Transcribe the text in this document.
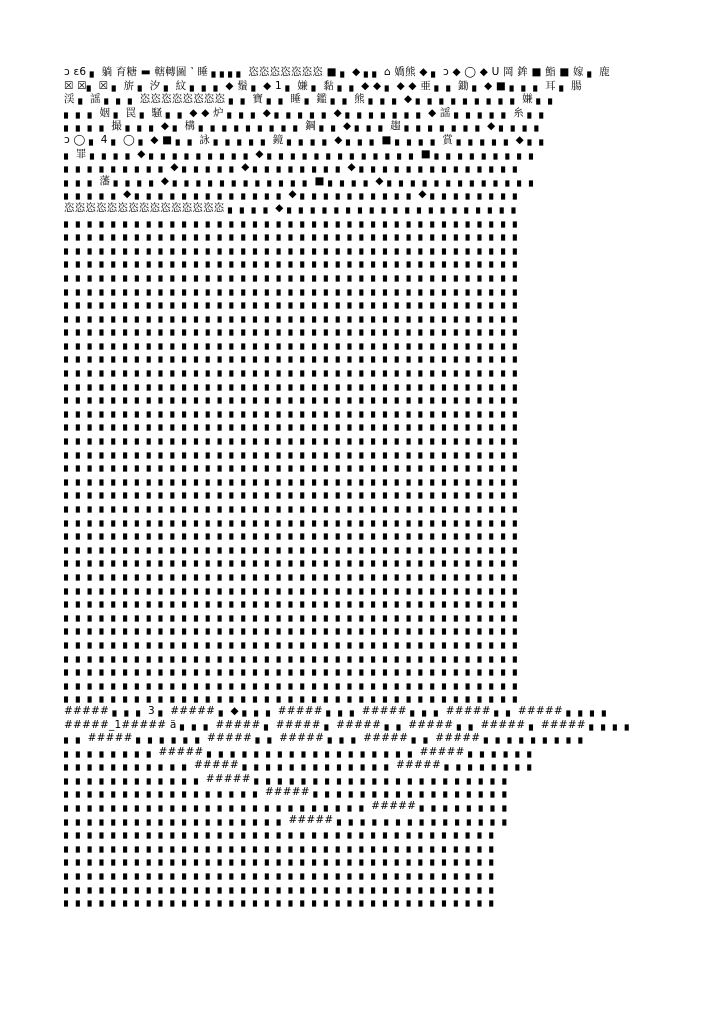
ɔ ɛ6 ▖ 躺 育糖 ▬ 轄轉圖 ˺ 睡 ▖▖▖▖ 恣恣恣恣恣恣恣 ■ ▖ ◆ ▖▖ ⌂ 嬌熊 ◆ ▖ ɔ ◆ ◯ ◆ U 岡 鉾 ■ 鮨 ■ 嫁 ▖ 鹿
☒ ☒▖ ☒ ▖ 旂 ▖ 汐 ▖ 紋 ▖ ▖ ▖ ◆ 鬚 ▖ ◆ 1 ▖ 嫌 ▖ 黏 ▖ ▖ ◆ ◆ ▖ ◆ ◆ 亜 ▖ ▖ 鋤 ▖ ◆ ■ ▖ ▖ ▖ 耳 ▖ 腸
渓 ▖ 謡 ▖ ▖ ▖ 恣恣恣恣恣恣恣恣 ▖ ▖ 寶 ▖ ▖ 睡 ▖ 鑑 ▖ ▖ 熊 ▖ ▖ ▖ ◆ ▖ ▖ ▖ ▖ ▖ ▖ ▖ ▖ ▖ 嫌 ▖ ▖
▖ ▖ ▖ 姻 ▖ 罠 ▖ 騒 ▖ ▖ ◆ ◆ 炉 ▖ ▖ ▖ ◆ ▖ ▖ ▖ ▖ ▖ ◆ ▖ ▖ ▖ ▖ ▖ ▖ ▖ ◆ 謡 ▖ ▖ ▖ ▖ ▖ 糸 ▖ ▖
▖ ▖ ▖ ▖ 撮 ▖ ▖ ▖ ◆ ▖ 構 ▖ ▖ ▖ ▖ ▖ ▖ ▖ ▖ ▖ 鋼 ▖ ▖ ◆ ▖ ▖ ▖ 趨 ▖ ▖ ▖ ▖ ▖ ▖ ▖ ◆ ▖ ▖ ▖ ▖
ɔ ◯ ▖ 4 ▖ ◯ ▖ ◆ ■ ▖ ▖ 詠 ▖ ▖ ▖ ▖ ▖ 鏡 ▖ ▖ ▖ ▖ ◆ ▖ ▖ ▖ ■ ▖ ▖ ▖ ▖ 賞 ▖ ▖ ▖ ▖ ▖ ◆ ▖ ▖
▖ 罪 ▖ ▖ ▖ ▖ ◆ ▖ ▖ ▖ ▖ ▖ ▖ ▖ ▖ ▖ ◆ ▖ ▖ ▖ ▖ ▖ ▖ ▖ ▖ ▖ ▖ ▖ ▖ ▖ ■ ▖ ▖ ▖ ▖ ▖ ▖ ▖ ▖ ▖
▖ ▖ ▖ ▖ ▖ ▖ ▖ ▖ ▖ ◆ ▖ ▖ ▖ ▖ ▖ ◆ ▖ ▖ ▖ ▖ ▖ ▖ ▖ ▖ ◆ ▖ ▖ ▖ ▖ ▖ ▖ ▖ ▖ ▖ ▖ ▖ ▖ ▖ ▖
▖ ▖ ▖ 藩 ▖ ▖ ▖ ▖ ◆ ▖ ▖ ▖ ▖ ▖ ▖ ▖ ▖ ▖ ▖ ▖ ▖ ■ ▖ ▖ ▖ ▖ ◆ ▖ ▖ ▖ ▖ ▖ ▖ ▖ ▖ ▖ ▖ ▖ ▖ ▖
▖ ▖ ▖ ▖ ▖ ◆ ▖ ▖ ▖ ▖ ▖ ▖ ▖ ▖ ▖ ▖ ▖ ▖ ▖ ◆ ▖ ▖ ▖ ▖ ▖ ▖ ▖ ▖ ▖ ▖ ◆ ▖ ▖ ▖ ▖ ▖ ▖ ▖ ▖
恣恣恣恣恣恣恣恣恣恣恣恣恣恣恣 ▖ ▖ ▖ ▖ ◆ ▖ ▖ ▖ ▖ ▖ ▖ ▖ ▖ ▖ ▖ ▖ ▖ ▖ ▖ ▖ ▖ ▖ ▖ ▖ ▖
▖ ▖ ▖ ▖ ▖ ▖ ▖ ▖ ▖ ▖ ▖ ▖ ▖ ▖ ▖ ▖ ▖ ▖ ▖ ▖ ▖ ▖ ▖ ▖ ▖ ▖ ▖ ▖ ▖ ▖ ▖ ▖ ▖ ▖ ▖ ▖ ▖ ▖ ▖
▖ ▖ ▖ ▖ ▖ ▖ ▖ ▖ ▖ ▖ ▖ ▖ ▖ ▖ ▖ ▖ ▖ ▖ ▖ ▖ ▖ ▖ ▖ ▖ ▖ ▖ ▖ ▖ ▖ ▖ ▖ ▖ ▖ ▖ ▖ ▖ ▖ ▖ ▖
▖ ▖ ▖ ▖ ▖ ▖ ▖ ▖ ▖ ▖ ▖ ▖ ▖ ▖ ▖ ▖ ▖ ▖ ▖ ▖ ▖ ▖ ▖ ▖ ▖ ▖ ▖ ▖ ▖ ▖ ▖ ▖ ▖ ▖ ▖ ▖ ▖ ▖ ▖
▖ ▖ ▖ ▖ ▖ ▖ ▖ ▖ ▖ ▖ ▖ ▖ ▖ ▖ ▖ ▖ ▖ ▖ ▖ ▖ ▖ ▖ ▖ ▖ ▖ ▖ ▖ ▖ ▖ ▖ ▖ ▖ ▖ ▖ ▖ ▖ ▖ ▖ ▖
▖ ▖ ▖ ▖ ▖ ▖ ▖ ▖ ▖ ▖ ▖ ▖ ▖ ▖ ▖ ▖ ▖ ▖ ▖ ▖ ▖ ▖ ▖ ▖ ▖ ▖ ▖ ▖ ▖ ▖ ▖ ▖ ▖ ▖ ▖ ▖ ▖ ▖ ▖
▖ ▖ ▖ ▖ ▖ ▖ ▖ ▖ ▖ ▖ ▖ ▖ ▖ ▖ ▖ ▖ ▖ ▖ ▖ ▖ ▖ ▖ ▖ ▖ ▖ ▖ ▖ ▖ ▖ ▖ ▖ ▖ ▖ ▖ ▖ ▖ ▖ ▖ ▖
▖ ▖ ▖ ▖ ▖ ▖ ▖ ▖ ▖ ▖ ▖ ▖ ▖ ▖ ▖ ▖ ▖ ▖ ▖ ▖ ▖ ▖ ▖ ▖ ▖ ▖ ▖ ▖ ▖ ▖ ▖ ▖ ▖ ▖ ▖ ▖ ▖ ▖ ▖
▖ ▖ ▖ ▖ ▖ ▖ ▖ ▖ ▖ ▖ ▖ ▖ ▖ ▖ ▖ ▖ ▖ ▖ ▖ ▖ ▖ ▖ ▖ ▖ ▖ ▖ ▖ ▖ ▖ ▖ ▖ ▖ ▖ ▖ ▖ ▖ ▖ ▖ ▖
▖ ▖ ▖ ▖ ▖ ▖ ▖ ▖ ▖ ▖ ▖ ▖ ▖ ▖ ▖ ▖ ▖ ▖ ▖ ▖ ▖ ▖ ▖ ▖ ▖ ▖ ▖ ▖ ▖ ▖ ▖ ▖ ▖ ▖ ▖ ▖ ▖ ▖ ▖
▖ ▖ ▖ ▖ ▖ ▖ ▖ ▖ ▖ ▖ ▖ ▖ ▖ ▖ ▖ ▖ ▖ ▖ ▖ ▖ ▖ ▖ ▖ ▖ ▖ ▖ ▖ ▖ ▖ ▖ ▖ ▖ ▖ ▖ ▖ ▖ ▖ ▖ ▖
▖ ▖ ▖ ▖ ▖ ▖ ▖ ▖ ▖ ▖ ▖ ▖ ▖ ▖ ▖ ▖ ▖ ▖ ▖ ▖ ▖ ▖ ▖ ▖ ▖ ▖ ▖ ▖ ▖ ▖ ▖ ▖ ▖ ▖ ▖ ▖ ▖ ▖ ▖
▖ ▖ ▖ ▖ ▖ ▖ ▖ ▖ ▖ ▖ ▖ ▖ ▖ ▖ ▖ ▖ ▖ ▖ ▖ ▖ ▖ ▖ ▖ ▖ ▖ ▖ ▖ ▖ ▖ ▖ ▖ ▖ ▖ ▖ ▖ ▖ ▖ ▖ ▖
▖ ▖ ▖ ▖ ▖ ▖ ▖ ▖ ▖ ▖ ▖ ▖ ▖ ▖ ▖ ▖ ▖ ▖ ▖ ▖ ▖ ▖ ▖ ▖ ▖ ▖ ▖ ▖ ▖ ▖ ▖ ▖ ▖ ▖ ▖ ▖ ▖ ▖ ▖
▖ ▖ ▖ ▖ ▖ ▖ ▖ ▖ ▖ ▖ ▖ ▖ ▖ ▖ ▖ ▖ ▖ ▖ ▖ ▖ ▖ ▖ ▖ ▖ ▖ ▖ ▖ ▖ ▖ ▖ ▖ ▖ ▖ ▖ ▖ ▖ ▖ ▖ ▖
▖ ▖ ▖ ▖ ▖ ▖ ▖ ▖ ▖ ▖ ▖ ▖ ▖ ▖ ▖ ▖ ▖ ▖ ▖ ▖ ▖ ▖ ▖ ▖ ▖ ▖ ▖ ▖ ▖ ▖ ▖ ▖ ▖ ▖ ▖ ▖ ▖ ▖ ▖
▖ ▖ ▖ ▖ ▖ ▖ ▖ ▖ ▖ ▖ ▖ ▖ ▖ ▖ ▖ ▖ ▖ ▖ ▖ ▖ ▖ ▖ ▖ ▖ ▖ ▖ ▖ ▖ ▖ ▖ ▖ ▖ ▖ ▖ ▖ ▖ ▖ ▖ ▖
▖ ▖ ▖ ▖ ▖ ▖ ▖ ▖ ▖ ▖ ▖ ▖ ▖ ▖ ▖ ▖ ▖ ▖ ▖ ▖ ▖ ▖ ▖ ▖ ▖ ▖ ▖ ▖ ▖ ▖ ▖ ▖ ▖ ▖ ▖ ▖ ▖ ▖ ▖
▖ ▖ ▖ ▖ ▖ ▖ ▖ ▖ ▖ ▖ ▖ ▖ ▖ ▖ ▖ ▖ ▖ ▖ ▖ ▖ ▖ ▖ ▖ ▖ ▖ ▖ ▖ ▖ ▖ ▖ ▖ ▖ ▖ ▖ ▖ ▖ ▖ ▖ ▖
▖ ▖ ▖ ▖ ▖ ▖ ▖ ▖ ▖ ▖ ▖ ▖ ▖ ▖ ▖ ▖ ▖ ▖ ▖ ▖ ▖ ▖ ▖ ▖ ▖ ▖ ▖ ▖ ▖ ▖ ▖ ▖ ▖ ▖ ▖ ▖ ▖ ▖ ▖
▖ ▖ ▖ ▖ ▖ ▖ ▖ ▖ ▖ ▖ ▖ ▖ ▖ ▖ ▖ ▖ ▖ ▖ ▖ ▖ ▖ ▖ ▖ ▖ ▖ ▖ ▖ ▖ ▖ ▖ ▖ ▖ ▖ ▖ ▖ ▖ ▖ ▖ ▖
▖ ▖ ▖ ▖ ▖ ▖ ▖ ▖ ▖ ▖ ▖ ▖ ▖ ▖ ▖ ▖ ▖ ▖ ▖ ▖ ▖ ▖ ▖ ▖ ▖ ▖ ▖ ▖ ▖ ▖ ▖ ▖ ▖ ▖ ▖ ▖ ▖ ▖ ▖
▖ ▖ ▖ ▖ ▖ ▖ ▖ ▖ ▖ ▖ ▖ ▖ ▖ ▖ ▖ ▖ ▖ ▖ ▖ ▖ ▖ ▖ ▖ ▖ ▖ ▖ ▖ ▖ ▖ ▖ ▖ ▖ ▖ ▖ ▖ ▖ ▖ ▖ ▖
▖ ▖ ▖ ▖ ▖ ▖ ▖ ▖ ▖ ▖ ▖ ▖ ▖ ▖ ▖ ▖ ▖ ▖ ▖ ▖ ▖ ▖ ▖ ▖ ▖ ▖ ▖ ▖ ▖ ▖ ▖ ▖ ▖ ▖ ▖ ▖ ▖ ▖ ▖
▖ ▖ ▖ ▖ ▖ ▖ ▖ ▖ ▖ ▖ ▖ ▖ ▖ ▖ ▖ ▖ ▖ ▖ ▖ ▖ ▖ ▖ ▖ ▖ ▖ ▖ ▖ ▖ ▖ ▖ ▖ ▖ ▖ ▖ ▖ ▖ ▖ ▖ ▖
▖ ▖ ▖ ▖ ▖ ▖ ▖ ▖ ▖ ▖ ▖ ▖ ▖ ▖ ▖ ▖ ▖ ▖ ▖ ▖ ▖ ▖ ▖ ▖ ▖ ▖ ▖ ▖ ▖ ▖ ▖ ▖ ▖ ▖ ▖ ▖ ▖ ▖ ▖
▖ ▖ ▖ ▖ ▖ ▖ ▖ ▖ ▖ ▖ ▖ ▖ ▖ ▖ ▖ ▖ ▖ ▖ ▖ ▖ ▖ ▖ ▖ ▖ ▖ ▖ ▖ ▖ ▖ ▖ ▖ ▖ ▖ ▖ ▖ ▖ ▖ ▖ ▖
▖ ▖ ▖ ▖ ▖ ▖ ▖ ▖ ▖ ▖ ▖ ▖ ▖ ▖ ▖ ▖ ▖ ▖ ▖ ▖ ▖ ▖ ▖ ▖ ▖ ▖ ▖ ▖ ▖ ▖ ▖ ▖ ▖ ▖ ▖ ▖ ▖ ▖ ▖
▖ ▖ ▖ ▖ ▖ ▖ ▖ ▖ ▖ ▖ ▖ ▖ ▖ ▖ ▖ ▖ ▖ ▖ ▖ ▖ ▖ ▖ ▖ ▖ ▖ ▖ ▖ ▖ ▖ ▖ ▖ ▖ ▖ ▖ ▖ ▖ ▖ ▖ ▖
▖ ▖ ▖ ▖ ▖ ▖ ▖ ▖ ▖ ▖ ▖ ▖ ▖ ▖ ▖ ▖ ▖ ▖ ▖ ▖ ▖ ▖ ▖ ▖ ▖ ▖ ▖ ▖ ▖ ▖ ▖ ▖ ▖ ▖ ▖ ▖ ▖ ▖ ▖
▖ ▖ ▖ ▖ ▖ ▖ ▖ ▖ ▖ ▖ ▖ ▖ ▖ ▖ ▖ ▖ ▖ ▖ ▖ ▖ ▖ ▖ ▖ ▖ ▖ ▖ ▖ ▖ ▖ ▖ ▖ ▖ ▖ ▖ ▖ ▖ ▖ ▖ ▖
▖ ▖ ▖ ▖ ▖ ▖ ▖ ▖ ▖ ▖ ▖ ▖ ▖ ▖ ▖ ▖ ▖ ▖ ▖ ▖ ▖ ▖ ▖ ▖ ▖ ▖ ▖ ▖ ▖ ▖ ▖ ▖ ▖ ▖ ▖ ▖ ▖ ▖ ▖
▖ ▖ ▖ ▖ ▖ ▖ ▖ ▖ ▖ ▖ ▖ ▖ ▖ ▖ ▖ ▖ ▖ ▖ ▖ ▖ ▖ ▖ ▖ ▖ ▖ ▖ ▖ ▖ ▖ ▖ ▖ ▖ ▖ ▖ ▖ ▖ ▖ ▖ ▖
▖ ▖ ▖ ▖ ▖ ▖ ▖ ▖ ▖ ▖ ▖ ▖ ▖ ▖ ▖ ▖ ▖ ▖ ▖ ▖ ▖ ▖ ▖ ▖ ▖ ▖ ▖ ▖ ▖ ▖ ▖ ▖ ▖ ▖ ▖ ▖ ▖ ▖ ▖
▖ ▖ ▖ ▖ ▖ ▖ ▖ ▖ ▖ ▖ ▖ ▖ ▖ ▖ ▖ ▖ ▖ ▖ ▖ ▖ ▖ ▖ ▖ ▖ ▖ ▖ ▖ ▖ ▖ ▖ ▖ ▖ ▖ ▖ ▖ ▖ ▖ ▖ ▖
▖ ▖ ▖ ▖ ▖ ▖ ▖ ▖ ▖ ▖ ▖ ▖ ▖ ▖ ▖ ▖ ▖ ▖ ▖ ▖ ▖ ▖ ▖ ▖ ▖ ▖ ▖ ▖ ▖ ▖ ▖ ▖ ▖ ▖ ▖ ▖ ▖ ▖ ▖
▖ ▖ ▖ ▖ ▖ ▖ ▖ ▖ ▖ ▖ ▖ ▖ ▖ ▖ ▖ ▖ ▖ ▖ ▖ ▖ ▖ ▖ ▖ ▖ ▖ ▖ ▖ ▖ ▖ ▖ ▖ ▖ ▖ ▖ ▖ ▖ ▖ ▖ ▖
##### ▖ ▖ ▖ 3 ▖ ##### ▖ ◆ ▖ ▖ ▖ ##### ▖ ▖ ▖ ##### ▖ ▖ ▖ ##### ▖ ▖ ##### ▖ ▖ ▖ ▖
#####_1##### ä ▖ ▖ ▖ ##### ▖ ##### ▖ ##### ▖ ▖ ##### ▖ ▖ ##### ▖ ##### ▖ ▖ ▖ ▖
▖ ▖ ##### ▖ ▖ ▖ ▖ ▖ ▖ ##### ▖ ▖ ##### ▖ ▖ ▖ ##### ▖ ▖ ##### ▖ ▖ ▖ ▖ ▖ ▖ ▖ ▖ ▖
▖ ▖ ▖ ▖ ▖ ▖ ▖ ▖ ##### ▖ ▖ ▖ ▖ ▖ ▖ ▖ ▖ ▖ ▖ ▖ ▖ ▖ ▖ ▖ ▖ ▖ ▖ ##### ▖ ▖ ▖ ▖ ▖ ▖
▖ ▖ ▖ ▖ ▖ ▖ ▖ ▖ ▖ ▖ ▖ ##### ▖ ▖ ▖ ▖ ▖ ▖ ▖ ▖ ▖ ▖ ▖ ▖ ▖ ##### ▖ ▖ ▖ ▖ ▖ ▖ ▖ ▖
▖ ▖ ▖ ▖ ▖ ▖ ▖ ▖ ▖ ▖ ▖ ▖ ##### ▖ ▖ ▖ ▖ ▖ ▖ ▖ ▖ ▖ ▖ ▖ ▖ ▖ ▖ ▖ ▖ ▖ ▖ ▖ ▖ ▖ ▖
▖ ▖ ▖ ▖ ▖ ▖ ▖ ▖ ▖ ▖ ▖ ▖ ▖ ▖ ▖ ▖ ▖ ##### ▖ ▖ ▖ ▖ ▖ ▖ ▖ ▖ ▖ ▖ ▖ ▖ ▖ ▖ ▖ ▖ ▖
▖ ▖ ▖ ▖ ▖ ▖ ▖ ▖ ▖ ▖ ▖ ▖ ▖ ▖ ▖ ▖ ▖ ▖ ▖ ▖ ▖ ▖ ▖ ▖ ▖ ▖ ##### ▖ ▖ ▖ ▖ ▖ ▖ ▖ ▖
▖ ▖ ▖ ▖ ▖ ▖ ▖ ▖ ▖ ▖ ▖ ▖ ▖ ▖ ▖ ▖ ▖ ▖ ▖ ##### ▖ ▖ ▖ ▖ ▖ ▖ ▖ ▖ ▖ ▖ ▖ ▖ ▖ ▖ ▖
▖ ▖ ▖ ▖ ▖ ▖ ▖ ▖ ▖ ▖ ▖ ▖ ▖ ▖ ▖ ▖ ▖ ▖ ▖ ▖ ▖ ▖ ▖ ▖ ▖ ▖ ▖ ▖ ▖ ▖ ▖ ▖ ▖ ▖ ▖ ▖ ▖
▖ ▖ ▖ ▖ ▖ ▖ ▖ ▖ ▖ ▖ ▖ ▖ ▖ ▖ ▖ ▖ ▖ ▖ ▖ ▖ ▖ ▖ ▖ ▖ ▖ ▖ ▖ ▖ ▖ ▖ ▖ ▖ ▖ ▖ ▖ ▖ ▖
▖ ▖ ▖ ▖ ▖ ▖ ▖ ▖ ▖ ▖ ▖ ▖ ▖ ▖ ▖ ▖ ▖ ▖ ▖ ▖ ▖ ▖ ▖ ▖ ▖ ▖ ▖ ▖ ▖ ▖ ▖ ▖ ▖ ▖ ▖ ▖ ▖
▖ ▖ ▖ ▖ ▖ ▖ ▖ ▖ ▖ ▖ ▖ ▖ ▖ ▖ ▖ ▖ ▖ ▖ ▖ ▖ ▖ ▖ ▖ ▖ ▖ ▖ ▖ ▖ ▖ ▖ ▖ ▖ ▖ ▖ ▖ ▖ ▖
▖ ▖ ▖ ▖ ▖ ▖ ▖ ▖ ▖ ▖ ▖ ▖ ▖ ▖ ▖ ▖ ▖ ▖ ▖ ▖ ▖ ▖ ▖ ▖ ▖ ▖ ▖ ▖ ▖ ▖ ▖ ▖ ▖ ▖ ▖ ▖ ▖
▖ ▖ ▖ ▖ ▖ ▖ ▖ ▖ ▖ ▖ ▖ ▖ ▖ ▖ ▖ ▖ ▖ ▖ ▖ ▖ ▖ ▖ ▖ ▖ ▖ ▖ ▖ ▖ ▖ ▖ ▖ ▖ ▖ ▖ ▖ ▖ ▖
